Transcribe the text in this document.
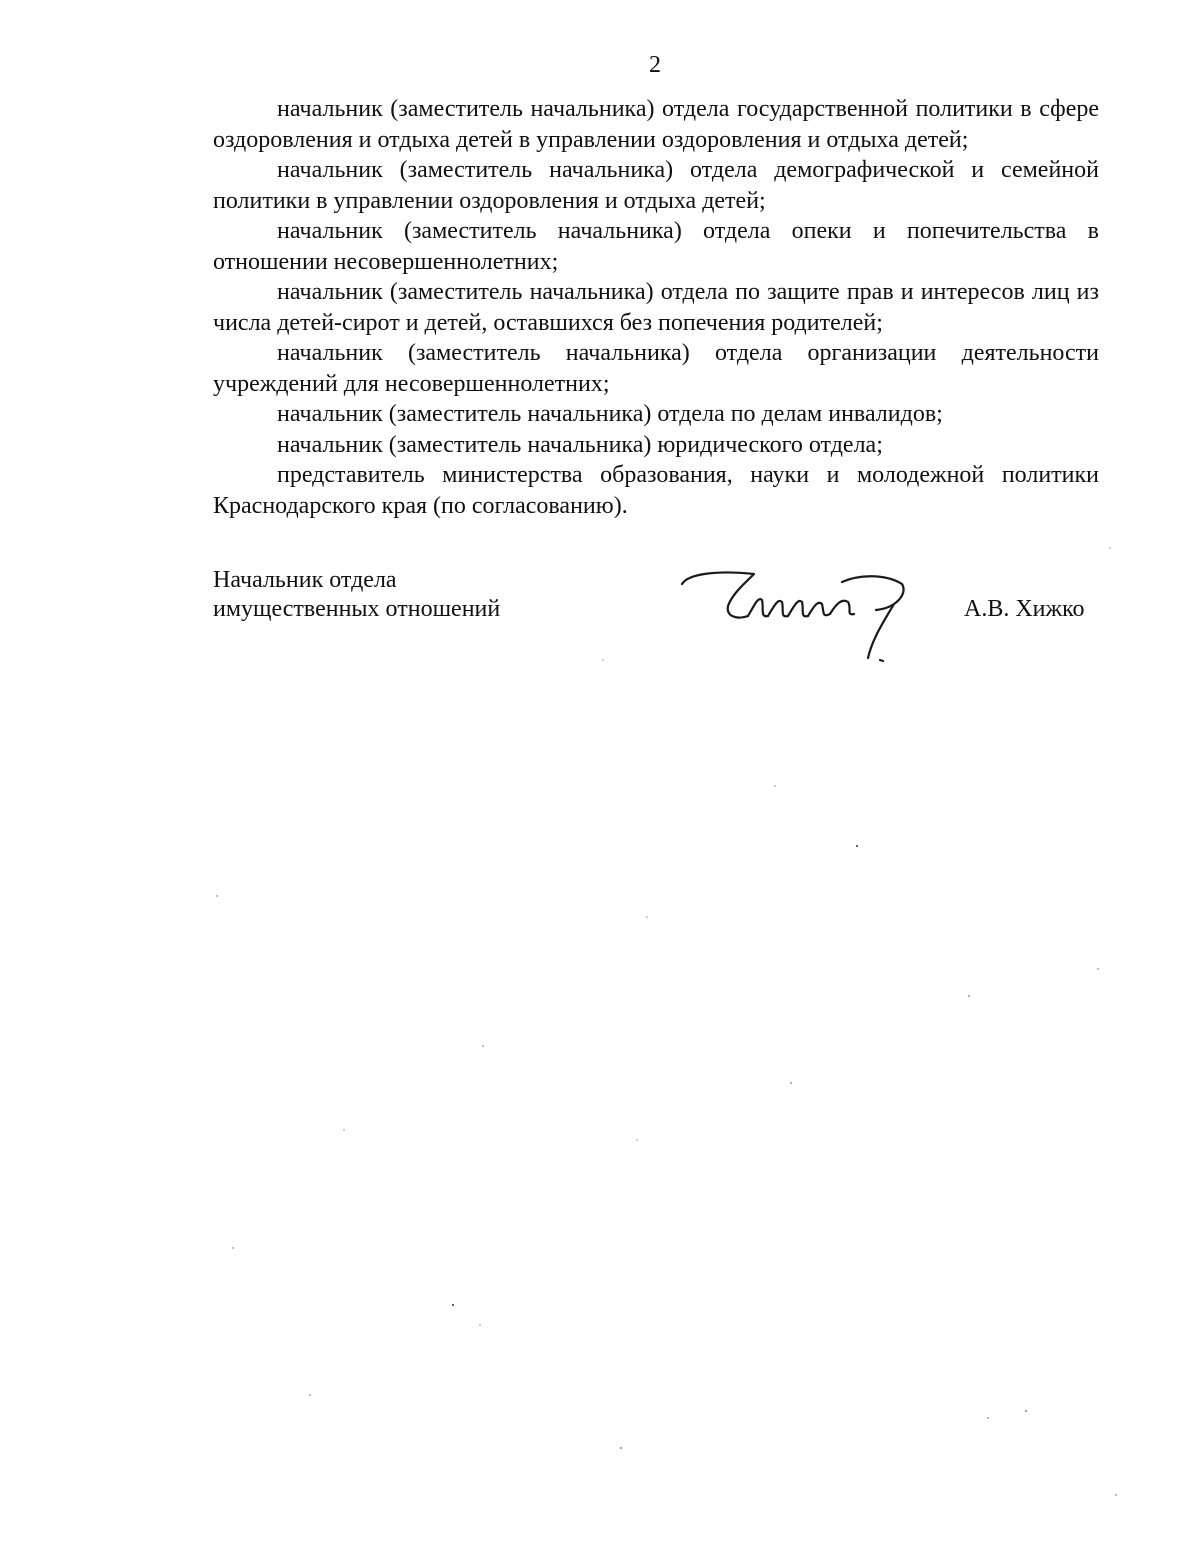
2

начальник (заместитель начальника) отдела государственной политики в сфере оздоровления и отдыха детей в управлении оздоровления и отдыха детей;

начальник (заместитель начальника) отдела демографической и семейной политики в управлении оздоровления и отдыха детей;

начальник (заместитель начальника) отдела опеки и попечительства в отношении несовершеннолетних;

начальник (заместитель начальника) отдела по защите прав и интересов лиц из числа детей-сирот и детей, оставшихся без попечения родителей;

начальник (заместитель начальника) отдела организации деятельности учреждений для несовершеннолетних;

начальник (заместитель начальника) отдела по делам инвалидов;

начальник (заместитель начальника) юридического отдела;

представитель министерства образования, науки и молодежной политики Краснодарского края (по согласованию).

Начальник отдела
имущественных отношений	А.В. Хижко
